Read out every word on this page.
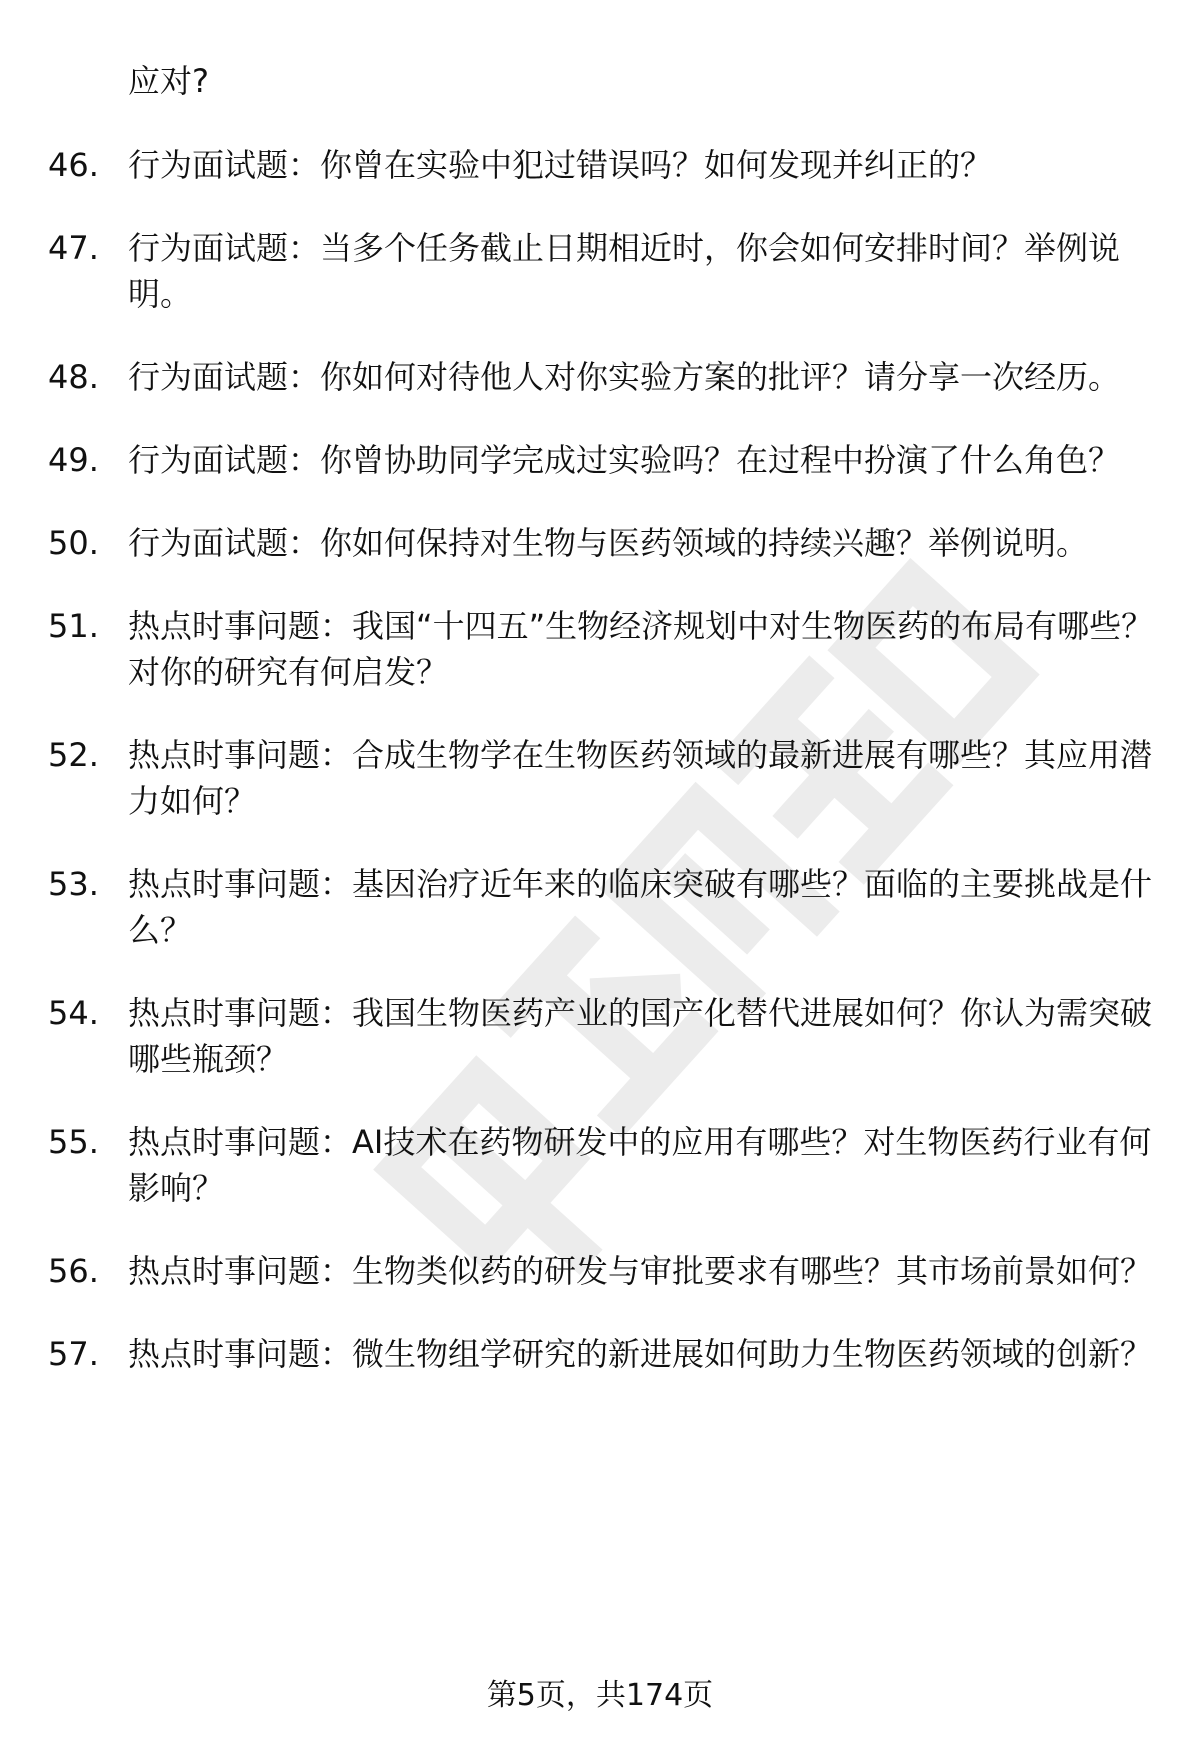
应对?
46. 行为面试题：你曾在实验中犯过错误吗？如何发现并纠正的？
47. 行为面试题：当多个任务截止日期相近时，你会如何安排时间？举例说明。
48. 行为面试题：你如何对待他人对你实验方案的批评？请分享一次经历。
49. 行为面试题：你曾协助同学完成过实验吗？在过程中扮演了什么角色？
50. 行为面试题：你如何保持对生物与医药领域的持续兴趣？举例说明。
51. 热点时事问题：我国“十四五”生物经济规划中对生物医药的布局有哪些？对你的研究有何启发？
52. 热点时事问题：合成生物学在生物医药领域的最新进展有哪些？其应用潜力如何？
53. 热点时事问题：基因治疗近年来的临床突破有哪些？面临的主要挑战是什么？
54. 热点时事问题：我国生物医药产业的国产化替代进展如何？你认为需突破哪些瓶颈？
55. 热点时事问题：AI技术在药物研发中的应用有哪些？对生物医药行业有何影响？
56. 热点时事问题：生物类似药的研发与审批要求有哪些？其市场前景如何？
57. 热点时事问题：微生物组学研究的新进展如何助力生物医药领域的创新？
第5页，共174页
